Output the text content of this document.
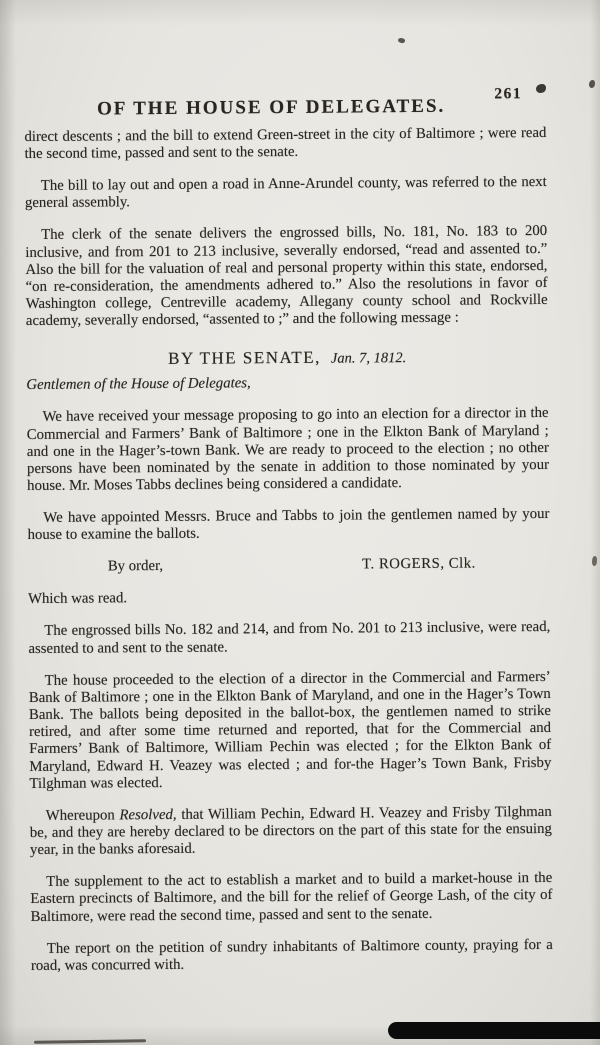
OF THE HOUSE OF DELEGATES.
261

direct descents ; and the bill to extend Green-street in the city of Baltimore ; were read the second time, passed and sent to the senate.

The bill to lay out and open a road in Anne-Arundel county, was referred to the next general assembly.

The clerk of the senate delivers the engrossed bills, No. 181, No. 183 to 200 inclusive, and from 201 to 213 inclusive, severally endorsed, “read and assented to.” Also the bill for the valuation of real and personal property within this state, endorsed, “on re-consideration, the amendments adhered to.” Also the resolutions in favor of Washington college, Centreville academy, Allegany county school and Rockville academy, severally endorsed, “assented to ;” and the following message :

BY THE SENATE, Jan. 7, 1812.

Gentlemen of the House of Delegates,

We have received your message proposing to go into an election for a director in the Commercial and Farmers’ Bank of Baltimore ; one in the Elkton Bank of Maryland ; and one in the Hager’s-town Bank. We are ready to proceed to the election ; no other persons have been nominated by the senate in addition to those nominated by your house. Mr. Moses Tabbs declines being considered a candidate.

We have appointed Messrs. Bruce and Tabbs to join the gentlemen named by your house to examine the ballots.

By order,	T. ROGERS, Clk.

Which was read.

The engrossed bills No. 182 and 214, and from No. 201 to 213 inclusive, were read, assented to and sent to the senate.

The house proceeded to the election of a director in the Commercial and Farmers’ Bank of Baltimore ; one in the Elkton Bank of Maryland, and one in the Hager’s Town Bank. The ballots being deposited in the ballot-box, the gentlemen named to strike retired, and after some time returned and reported, that for the Commercial and Farmers’ Bank of Baltimore, William Pechin was elected ; for the Elkton Bank of Maryland, Edward H. Veazey was elected ; and for-the Hager’s Town Bank, Frisby Tilghman was elected.

Whereupon Resolved, that William Pechin, Edward H. Veazey and Frisby Tilghman be, and they are hereby declared to be directors on the part of this state for the ensuing year, in the banks aforesaid.

The supplement to the act to establish a market and to build a market-house in the Eastern precincts of Baltimore, and the bill for the relief of George Lash, of the city of Baltimore, were read the second time, passed and sent to the senate.

The report on the petition of sundry inhabitants of Baltimore county, praying for a road, was concurred with.
